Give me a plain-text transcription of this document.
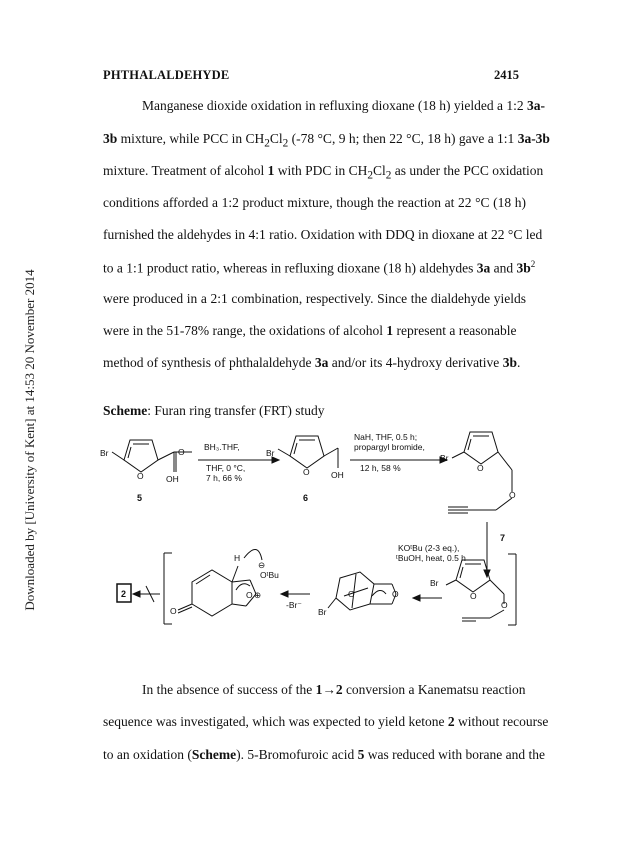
Downloaded by [University of Kent] at 14:53 20 November 2014
PHTHALALDEHYDE	2415
Manganese dioxide oxidation in refluxing dioxane (18 h) yielded a 1:2 3a-
3b mixture, while PCC in $CH_2Cl_2$ (-78 °C, 9 h; then 22 °C, 18 h) gave a 1:1 3a-3b
mixture. Treatment of alcohol 1 with PDC in $CH_2Cl_2$ as under the PCC oxidation
conditions afforded a 1:2 product mixture, though the reaction at 22 °C (18 h)
furnished the aldehydes in 4:1 ratio. Oxidation with DDQ in dioxane at 22 °C led
to a 1:1 product ratio, whereas in refluxing dioxane (18 h) aldehydes 3a and $3b^2$
were produced in a 2:1 combination, respectively. Since the dialdehyde yields
were in the 51-78% range, the oxidations of alcohol 1 represent a reasonable
method of synthesis of phthalaldehyde 3a and/or its 4-hydroxy derivative 3b.
Scheme: Furan ring transfer (FRT) study
Br
O
O
OH
BH₃.THF,
THF, 0 °C,
7 h, 66 %
Br
O	OH
NaH, THF, 0.5 h;
propargyl bromide,
12 h, 58 %
Br
O
O
KOᵗBu (2-3 eq.),
ᵗBuOH, heat, 0.5 h
Br
O
O
Br
O	O
-Br⁻
H
⊖
OᵗBu
O
O ⊕
5	6
7
2
In the absence of success of the 1→2 conversion a Kanematsu reaction
sequence was investigated, which was expected to yield ketone 2 without recourse
to an oxidation (Scheme). 5-Bromofuroic acid 5 was reduced with borane and the
